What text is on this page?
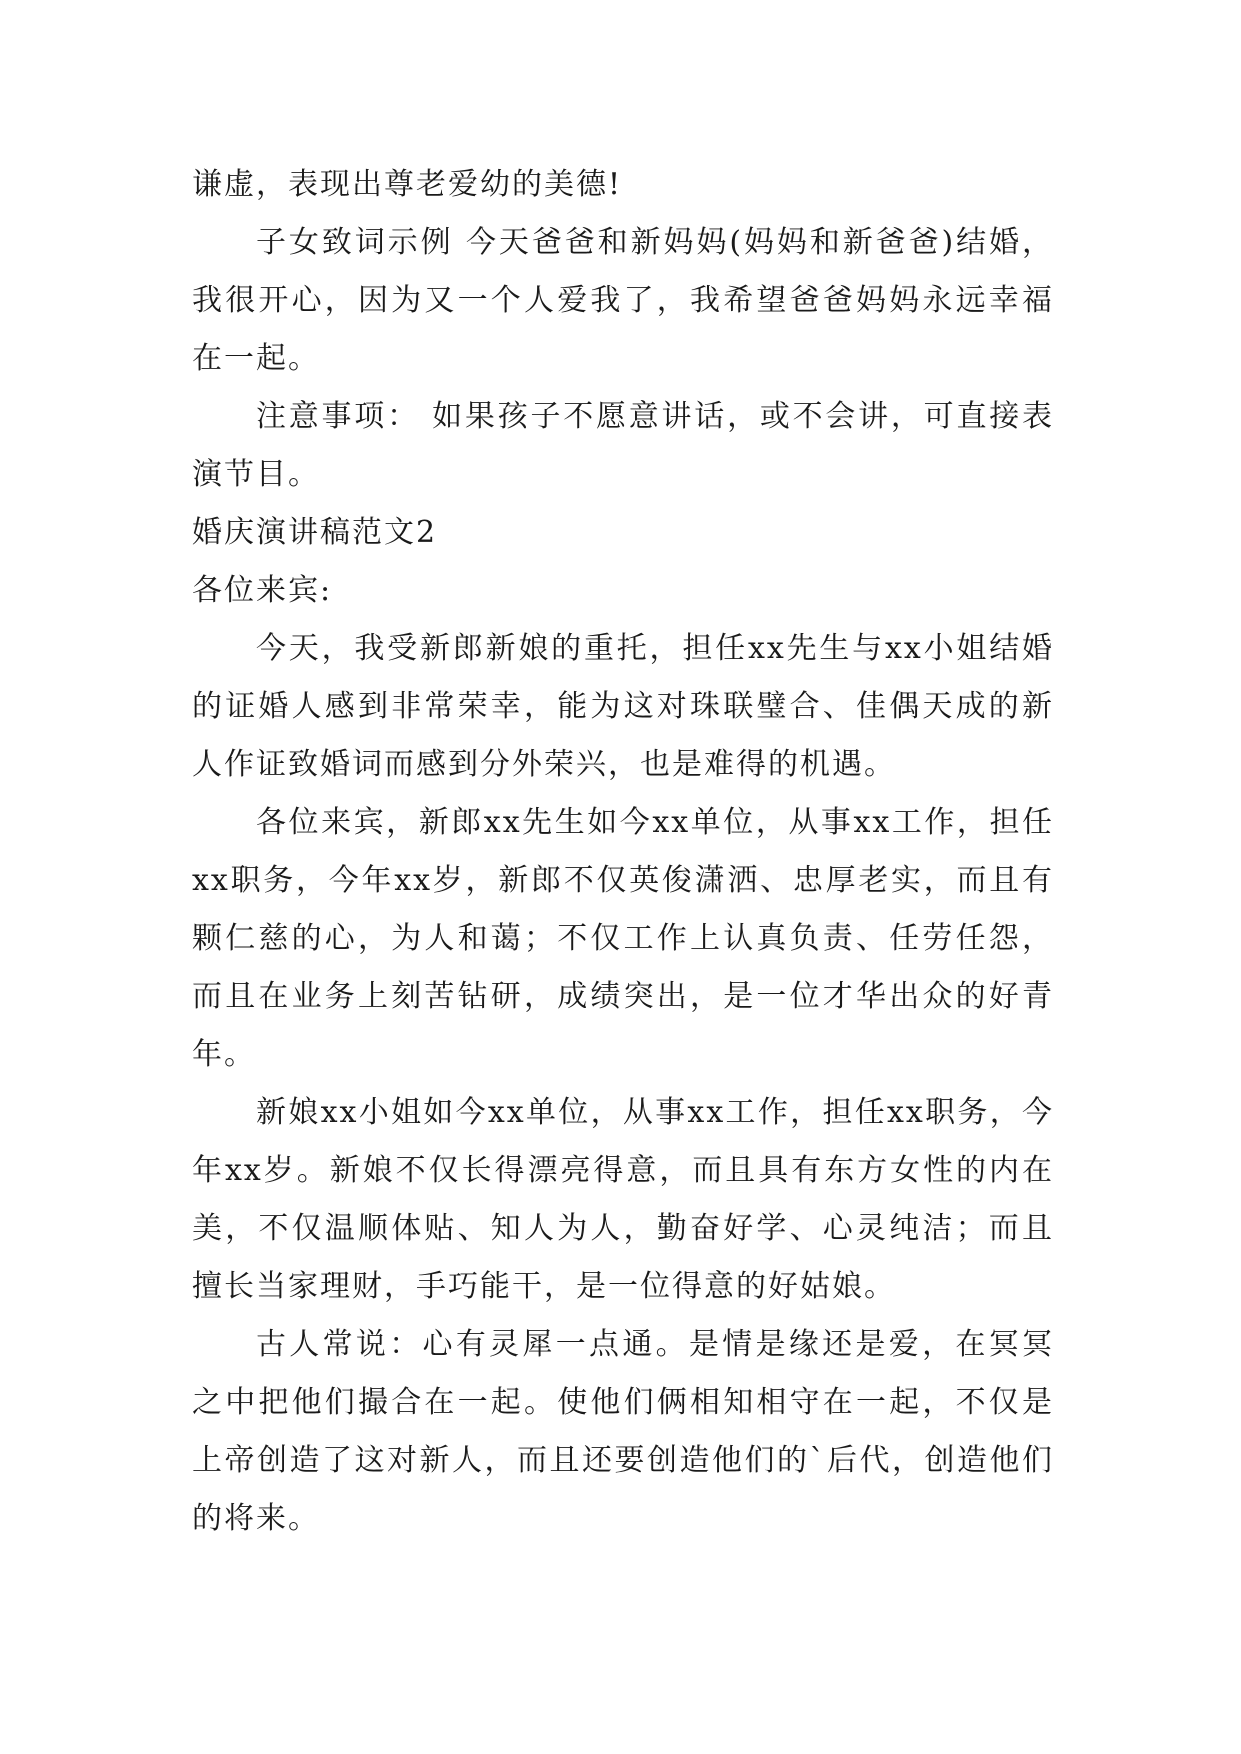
谦虚，表现出尊老爱幼的美德!

子女致词示例 今天爸爸和新妈妈(妈妈和新爸爸)结婚，我很开心，因为又一个人爱我了，我希望爸爸妈妈永远幸福在一起。

注意事项： 如果孩子不愿意讲话，或不会讲，可直接表演节目。

婚庆演讲稿范文2

各位来宾:

今天，我受新郎新娘的重托，担任xx先生与xx小姐结婚的证婚人感到非常荣幸，能为这对珠联璧合、佳偶天成的新人作证致婚词而感到分外荣兴，也是难得的机遇。

各位来宾，新郎xx先生如今xx单位，从事xx工作，担任xx职务，今年xx岁，新郎不仅英俊潇洒、忠厚老实，而且有颗仁慈的心，为人和蔼；不仅工作上认真负责、任劳任怨，而且在业务上刻苦钻研，成绩突出，是一位才华出众的好青年。

新娘xx小姐如今xx单位，从事xx工作，担任xx职务，今年xx岁。新娘不仅长得漂亮得意，而且具有东方女性的内在美，不仅温顺体贴、知人为人，勤奋好学、心灵纯洁；而且擅长当家理财，手巧能干，是一位得意的好姑娘。

古人常说：心有灵犀一点通。是情是缘还是爱，在冥冥之中把他们撮合在一起。使他们俩相知相守在一起，不仅是上帝创造了这对新人，而且还要创造他们的`后代，创造他们的将来。
